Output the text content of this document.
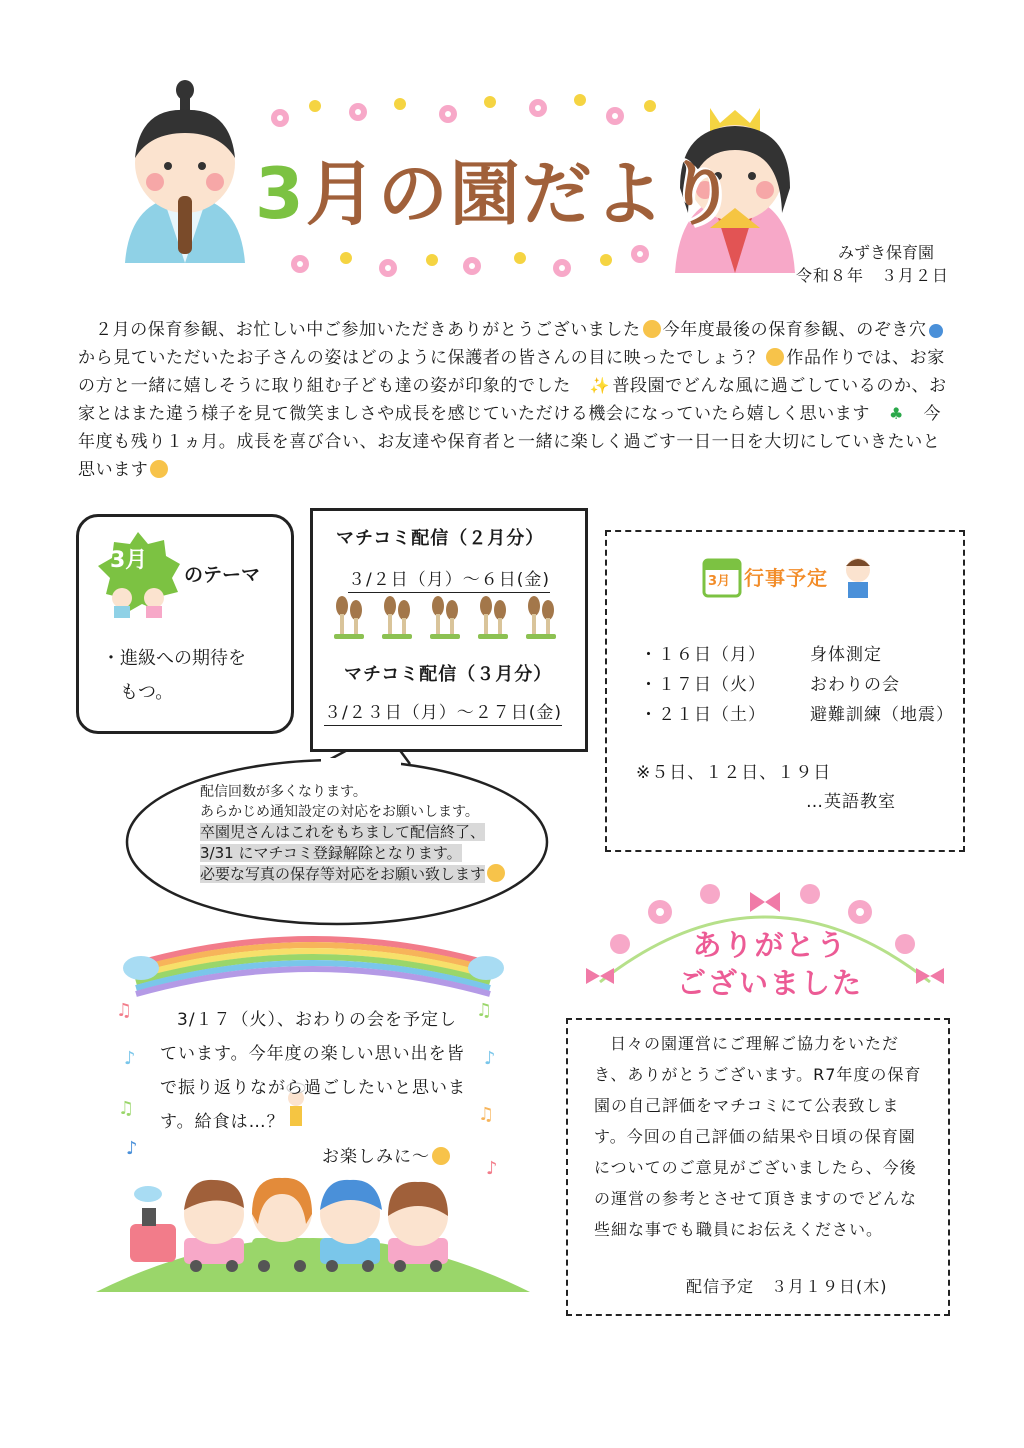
3月の園だより
みずき保育園
令和８年　３月２日
２月の保育参観、お忙しい中ご参加いただきありがとうございました 今年度最後の保育参観、のぞき穴から見ていただいたお子さんの姿はどのように保護者の皆さんの目に映ったでしょう？ 作品作りでは、お家の方と一緒に嬉しそうに取り組む子ども達の姿が印象的でした ✨ 普段園でどんな風に過ごしているのか、お家とはまた違う様子を見て微笑ましさや成長を感じていただける機会になっていたら嬉しく思います ♣　今年度も残り１ヵ月。成長を喜び合い、お友達や保育者と一緒に楽しく過ごす一日一日を大切にしていきたいと思います
3月
のテーマ
・進級への期待を
もつ。
配信回数が多くなります。
あらかじめ通知設定の対応をお願いします。
卒園児さんはこれをもちまして配信終了、
3/31 にマチコミ登録解除となります。
必要な写真の保存等対応をお願い致します
マチコミ配信（２月分）
３/２日（月）～６日(金)
マチコミ配信（３月分）
３/２３日（月）～２７日(金)
3月 行事予定
・１６日（月）	身体測定
・１７日（火）	おわりの会
・２１日（土）	避難訓練（地震）
※５日、１２日、１９日
…英語教室
ありがとう
ございました
日々の園運営にご理解ご協力をいただき、ありがとうございます。R7年度の保育園の自己評価をマチコミにて公表致します。今回の自己評価の結果や日頃の保育園についてのご意見がございましたら、今後の運営の参考とさせて頂きますのでどんな些細な事でも職員にお伝えください。
配信予定　３月１９日(木)
♫
♪
♫
♪
♫
♪
♫
♪
3/１７（火）、おわりの会を予定しています。今年度の楽しい思い出を皆で振り返りながら過ごしたいと思います。給食は…？
お楽しみに～
